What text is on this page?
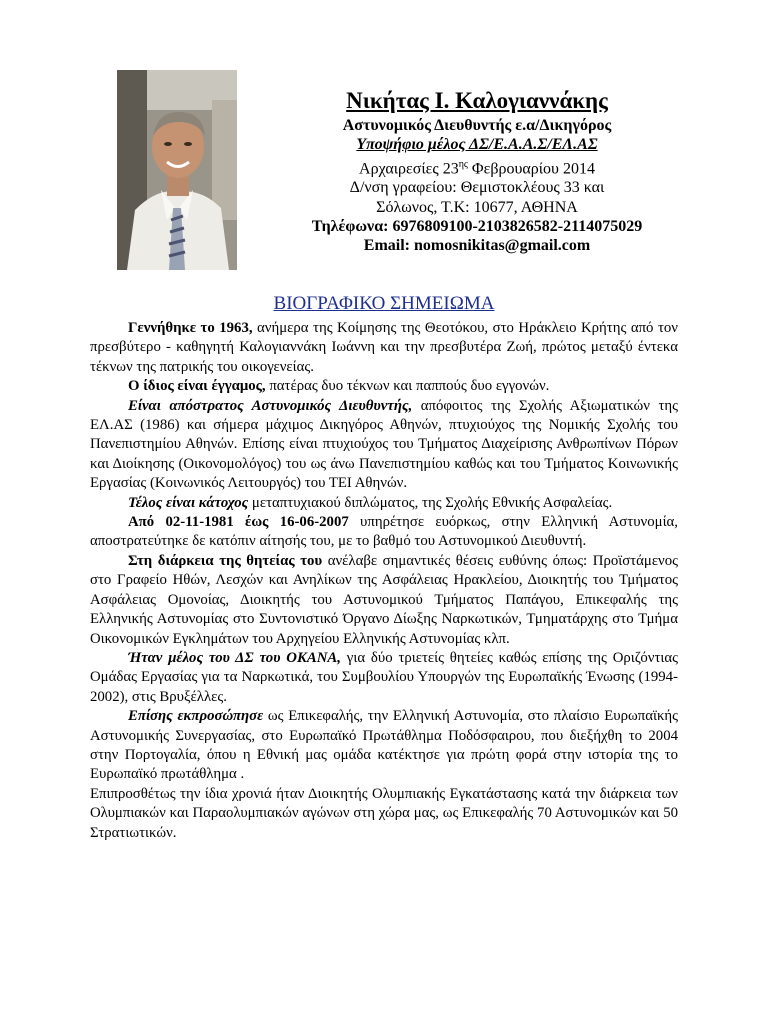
Νικήτας Ι. Καλογιαννάκης
Αστυνομικός Διευθυντής ε.α/Δικηγόρος
Υποψήφιο μέλος ΔΣ/Ε.Α.Α.Σ/ΕΛ.ΑΣ
Αρχαιρεσίες $23^{\eta\varsigma}$ Φεβρουαρίου 2014
Δ/νση γραφείου: Θεμιστοκλέους 33 και
Σόλωνος, Τ.Κ: 10677, ΑΘΗΝΑ
Τηλέφωνα: 6976809100-2103826582-2114075029
Email: nomosnikitas@gmail.com
ΒΙΟΓΡΑΦΙΚΟ ΣΗΜΕΙΩΜΑ

Γεννήθηκε το 1963, ανήμερα της Κοίμησης της Θεοτόκου, στο Ηράκλειο Κρήτης από τον πρεσβύτερο - καθηγητή Καλογιαννάκη Ιωάννη και την πρεσβυτέρα Ζωή, πρώτος μεταξύ έντεκα τέκνων της πατρικής του οικογενείας.

Ο ίδιος είναι έγγαμος, πατέρας δυο τέκνων και παππούς δυο εγγονών.

Είναι απόστρατος Αστυνομικός Διευθυντής, απόφοιτος της Σχολής Αξιωματικών της ΕΛ.ΑΣ (1986) και σήμερα μάχιμος Δικηγόρος Αθηνών, πτυχιούχος της Νομικής Σχολής του Πανεπιστημίου Αθηνών. Επίσης είναι πτυχιούχος του Τμήματος Διαχείρισης Ανθρωπίνων Πόρων και Διοίκησης (Οικονομολόγος) του ως άνω Πανεπιστημίου καθώς και του Τμήματος Κοινωνικής Εργασίας (Κοινωνικός Λειτουργός) του ΤΕΙ Αθηνών.

Τέλος είναι κάτοχος μεταπτυχιακού διπλώματος, της Σχολής Εθνικής Ασφαλείας.

Από 02-11-1981 έως 16-06-2007 υπηρέτησε ευόρκως, στην Ελληνική Αστυνομία, αποστρατεύτηκε δε κατόπιν αίτησής του, με το βαθμό του Αστυνομικού Διευθυντή.

Στη διάρκεια της θητείας του ανέλαβε σημαντικές θέσεις ευθύνης όπως: Προϊστάμενος στο Γραφείο Ηθών, Λεσχών και Ανηλίκων της Ασφάλειας Ηρακλείου, Διοικητής του Τμήματος Ασφάλειας Ομονοίας, Διοικητής του Αστυνομικού Τμήματος Παπάγου, Επικεφαλής της Ελληνικής Αστυνομίας στο Συντονιστικό Όργανο Δίωξης Ναρκωτικών, Τμηματάρχης στο Τμήμα Οικονομικών Εγκλημάτων του Αρχηγείου Ελληνικής Αστυνομίας κλπ.

Ήταν μέλος του ΔΣ του ΟΚΑΝΑ, για δύο τριετείς θητείες καθώς επίσης της Οριζόντιας Ομάδας Εργασίας για τα Ναρκωτικά, του Συμβουλίου Υπουργών της Ευρωπαϊκής Ένωσης (1994-2002), στις Βρυξέλλες.

Επίσης εκπροσώπησε ως Επικεφαλής, την Ελληνική Αστυνομία, στο πλαίσιο Ευρωπαϊκής Αστυνομικής Συνεργασίας, στο Ευρωπαϊκό Πρωτάθλημα Ποδόσφαιρου, που διεξήχθη το 2004 στην Πορτογαλία, όπου η Εθνική μας ομάδα κατέκτησε για πρώτη φορά στην ιστορία της το Ευρωπαϊκό πρωτάθλημα .

Επιπροσθέτως την ίδια χρονιά ήταν Διοικητής Ολυμπιακής Εγκατάστασης κατά την διάρκεια των Ολυμπιακών και Παραολυμπιακών αγώνων στη χώρα μας, ως Επικεφαλής 70 Αστυνομικών και 50 Στρατιωτικών.
